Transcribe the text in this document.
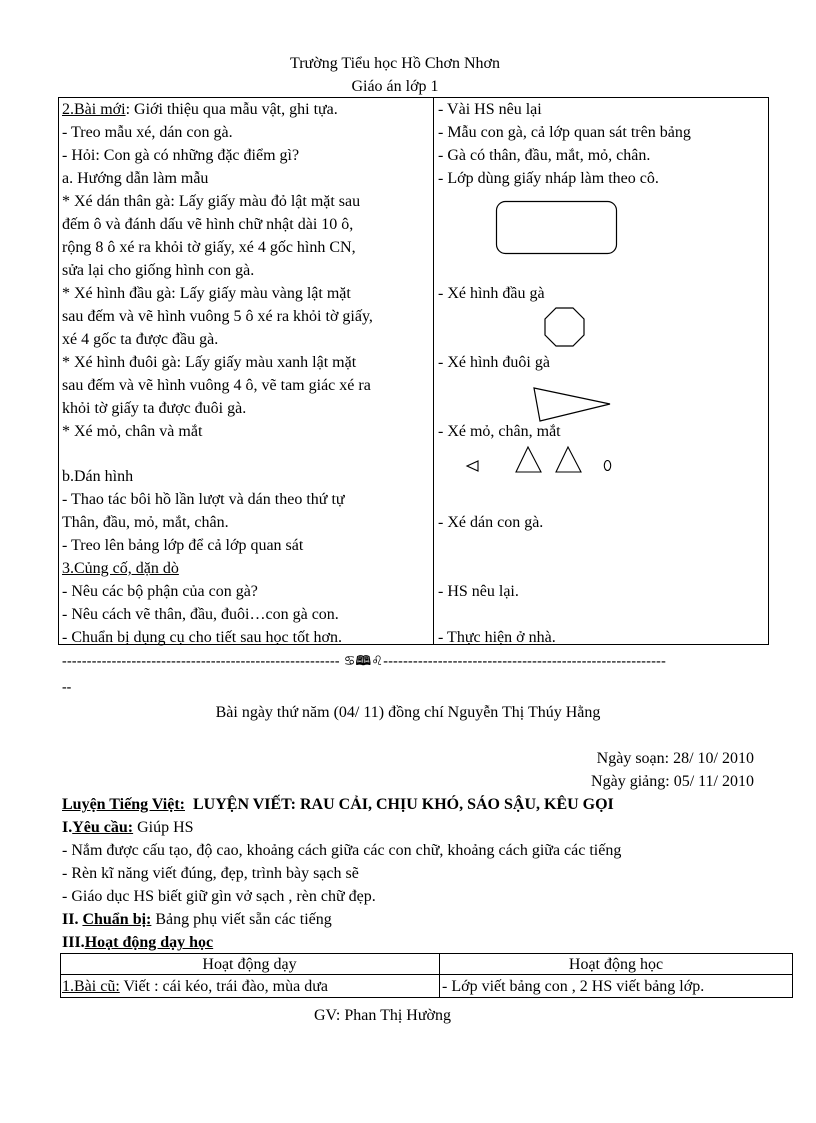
Trường Tiểu học Hồ Chơn Nhơn
Giáo án lớp 1
2.Bài mới: Giới thiệu qua mẫu vật, ghi tựa.
- Treo mẫu xé, dán con gà.
- Hỏi: Con gà có những đặc điểm gì?
a. Hướng dẫn làm mẫu
* Xé dán thân gà: Lấy giấy màu đỏ lật mặt sau
đếm ô và đánh dấu vẽ hình chữ nhật dài 10 ô,
rộng 8 ô xé ra khỏi tờ giấy, xé 4 gốc hình CN,
sửa lại cho giống hình con gà.
* Xé hình đầu gà: Lấy giấy màu vàng lật mặt
sau đếm và vẽ hình vuông 5 ô xé ra khỏi tờ giấy,
xé 4 gốc ta được đầu gà.
* Xé hình đuôi gà: Lấy giấy màu xanh lật mặt
sau đếm và vẽ hình vuông 4 ô, vẽ tam giác xé ra
khỏi tờ giấy ta được đuôi gà.
* Xé mỏ, chân và mắt
b.Dán hình
- Thao tác bôi hồ lần lượt và dán theo thứ tự
Thân, đầu, mỏ, mắt, chân.
- Treo lên bảng lớp để cả lớp quan sát
3.Củng cố, dặn dò
- Nêu các bộ phận của con gà?
- Nêu cách vẽ thân, đầu, đuôi…con gà con.
- Chuẩn bị dụng cụ cho tiết sau học tốt hơn.
- Vài HS nêu lại
- Mẫu con gà, cả lớp quan sát trên bảng
- Gà có thân, đầu, mắt, mỏ, chân.
- Lớp dùng giấy nháp làm theo cô.
- Xé hình đầu gà
- Xé hình đuôi gà
- Xé mỏ, chân, mắt
- Xé dán con gà.
- HS nêu lại.
- Thực hiện ở nhà.
-------------------------------------------------------- ♋🕮♌---------------------------------------------------------
--
Bài ngày thứ năm (04/ 11) đồng chí Nguyễn Thị Thúy Hằng
Ngày soạn: 28/ 10/ 2010
Ngày giảng: 05/ 11/ 2010
Luyện Tiếng Việt:  LUYỆN VIẾT: RAU CẢI, CHỊU KHÓ, SÁO SẬU, KÊU GỌI
I.Yêu cầu: Giúp HS
- Nắm được cấu tạo, độ cao, khoảng cách giữa các con chữ, khoảng cách giữa các tiếng
- Rèn kĩ năng viết đúng, đẹp, trình bày sạch sẽ
- Giáo dục HS biết giữ gìn vở sạch , rèn chữ đẹp.
II. Chuẩn bị: Bảng phụ viết sẵn các tiếng
III.Hoạt động dạy học
Hoạt động dạy	Hoạt động học
1.Bài cũ: Viết : cái kéo, trái đào, mùa dưa	- Lớp viết bảng con , 2 HS viết bảng lớp.
GV: Phan Thị Hường
